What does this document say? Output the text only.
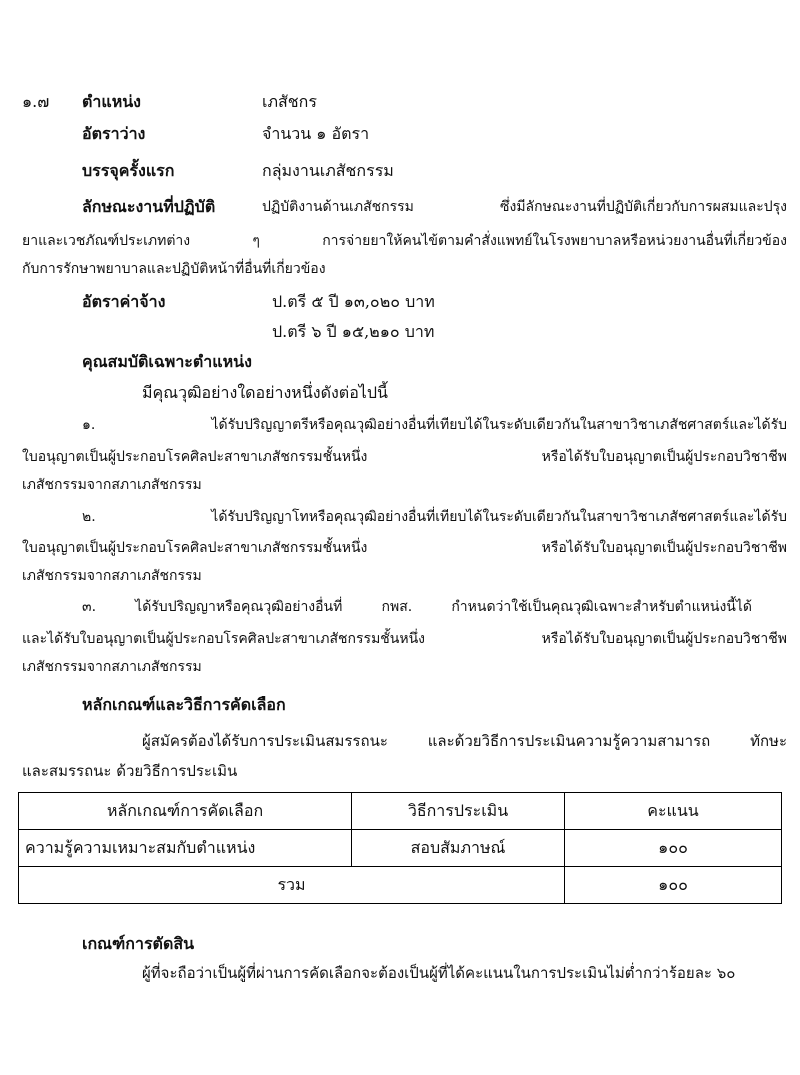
๑.๗ ตำแหน่ง	เภสัชกร
อัตราว่าง	จำนวน ๑ อัตรา
บรรจุครั้งแรก	กลุ่มงานเภสัชกรรม
ลักษณะงานที่ปฏิบัติ	ปฏิบัติงานด้านเภสัชกรรม ซึ่งมีลักษณะงานที่ปฏิบัติเกี่ยวกับการผสมและปรุง
ยาและเวชภัณฑ์ประเภทต่าง ๆ การจ่ายยาให้คนไข้ตามคำสั่งแพทย์ในโรงพยาบาลหรือหน่วยงานอื่นที่เกี่ยวข้อง
กับการรักษาพยาบาลและปฏิบัติหน้าที่อื่นที่เกี่ยวข้อง
อัตราค่าจ้าง	ป.ตรี ๕ ปี ๑๓,๐๒๐ บาท
ป.ตรี ๖ ปี ๑๕,๒๑๐ บาท
คุณสมบัติเฉพาะตำแหน่ง
มีคุณวุฒิอย่างใดอย่างหนึ่งดังต่อไปนี้
๑. ได้รับปริญญาตรีหรือคุณวุฒิอย่างอื่นที่เทียบได้ในระดับเดียวกันในสาขาวิชาเภสัชศาสตร์และได้รับ
ใบอนุญาตเป็นผู้ประกอบโรคศิลปะสาขาเภสัชกรรมชั้นหนึ่ง หรือได้รับใบอนุญาตเป็นผู้ประกอบวิชาชีพ
เภสัชกรรมจากสภาเภสัชกรรม
๒. ได้รับปริญญาโทหรือคุณวุฒิอย่างอื่นที่เทียบได้ในระดับเดียวกันในสาขาวิชาเภสัชศาสตร์และได้รับ
ใบอนุญาตเป็นผู้ประกอบโรคศิลปะสาขาเภสัชกรรมชั้นหนึ่ง หรือได้รับใบอนุญาตเป็นผู้ประกอบวิชาชีพ
เภสัชกรรมจากสภาเภสัชกรรม
๓. ได้รับปริญญาหรือคุณวุฒิอย่างอื่นที่ กพส. กำหนดว่าใช้เป็นคุณวุฒิเฉพาะสำหรับตำแหน่งนี้ได้
และได้รับใบอนุญาตเป็นผู้ประกอบโรคศิลปะสาขาเภสัชกรรมชั้นหนึ่ง หรือได้รับใบอนุญาตเป็นผู้ประกอบวิชาชีพ
เภสัชกรรมจากสภาเภสัชกรรม
หลักเกณฑ์และวิธีการคัดเลือก
ผู้สมัครต้องได้รับการประเมินสมรรถนะ และด้วยวิธีการประเมินความรู้ความสามารถ ทักษะ
และสมรรถนะ ด้วยวิธีการประเมิน
หลักเกณฑ์การคัดเลือก	วิธีการประเมิน	คะแนน
ความรู้ความเหมาะสมกับตำแหน่ง	สอบสัมภาษณ์	๑๐๐
รวม		๑๐๐
เกณฑ์การตัดสิน
ผู้ที่จะถือว่าเป็นผู้ที่ผ่านการคัดเลือกจะต้องเป็นผู้ที่ได้คะแนนในการประเมินไม่ต่ำกว่าร้อยละ ๖๐
